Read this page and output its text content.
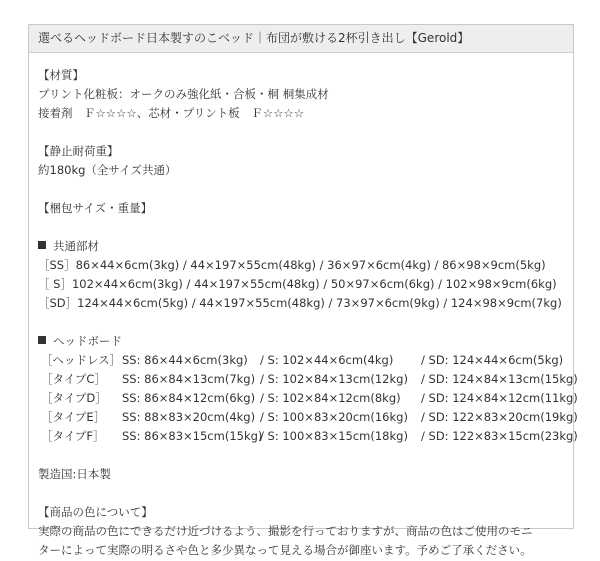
選べるヘッドボード日本製すのこベッド｜布団が敷ける2杯引き出し【Gerold】
【材質】
プリント化粧板：オークのみ強化紙・合板・桐 桐集成材
接着剤　Ｆ☆☆☆☆、芯材・プリント板　Ｆ☆☆☆☆
【静止耐荷重】
約180kg（全サイズ共通）
【梱包サイズ・重量】
共通部材
［SS］86×44×6cm(3kg) / 44×197×55cm(48kg) / 36×97×6cm(4kg) / 86×98×9cm(5kg)
［ S］102×44×6cm(3kg) / 44×197×55cm(48kg) / 50×97×6cm(6kg) / 102×98×9cm(6kg)
［SD］124×44×6cm(5kg) / 44×197×55cm(48kg) / 73×97×6cm(9kg) / 124×98×9cm(7kg)
ヘッドボード

［ヘッドレス］

SS: 86×44×6cm(3kg)

/ S: 102×44×6cm(4kg)

/ SD: 124×44×6cm(5kg)

［タイプC］

SS: 86×84×13cm(7kg)

/ S: 102×84×13cm(12kg)

/ SD: 124×84×13cm(15kg)

［タイプD］

SS: 86×84×12cm(6kg)

/ S: 102×84×12cm(8kg)

/ SD: 124×84×12cm(11kg)

［タイプE］

SS: 88×83×20cm(4kg)

/ S: 100×83×20cm(16kg)

/ SD: 122×83×20cm(19kg)

［タイプF］

SS: 86×83×15cm(15kg)

/ S: 100×83×15cm(18kg)

/ SD: 122×83×15cm(23kg)

製造国:日本製
【商品の色について】
実際の商品の色にできるだけ近づけるよう、撮影を行っておりますが、商品の色はご使用のモニ
ターによって実際の明るさや色と多少異なって見える場合が御座います。予めご了承ください。
